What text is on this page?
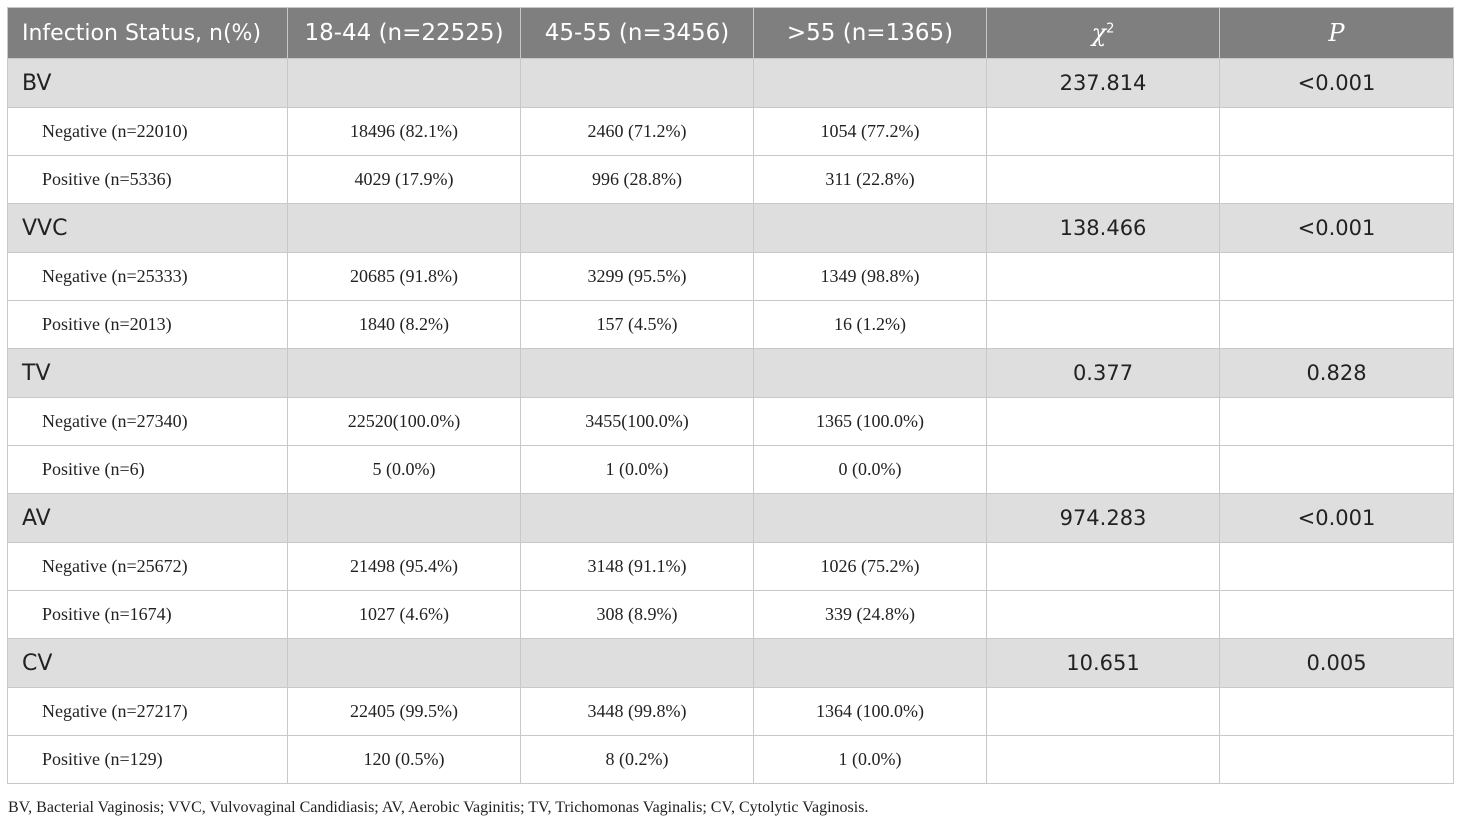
Infection Status, n(%)	18-44 (n=22525)	45-55 (n=3456)	>55 (n=1365)	$\chi^2$	P
BV				237.814	<0.001
Negative (n=22010)	18496 (82.1%)	2460 (71.2%)	1054 (77.2%)		
Positive (n=5336)	4029 (17.9%)	996 (28.8%)	311 (22.8%)		
VVC				138.466	<0.001
Negative (n=25333)	20685 (91.8%)	3299 (95.5%)	1349 (98.8%)		
Positive (n=2013)	1840 (8.2%)	157 (4.5%)	16 (1.2%)		
TV				0.377	0.828
Negative (n=27340)	22520(100.0%)	3455(100.0%)	1365 (100.0%)		
Positive (n=6)	5 (0.0%)	1 (0.0%)	0 (0.0%)		
AV				974.283	<0.001
Negative (n=25672)	21498 (95.4%)	3148 (91.1%)	1026 (75.2%)		
Positive (n=1674)	1027 (4.6%)	308 (8.9%)	339 (24.8%)		
CV				10.651	0.005
Negative (n=27217)	22405 (99.5%)	3448 (99.8%)	1364 (100.0%)		
Positive (n=129)	120 (0.5%)	8 (0.2%)	1 (0.0%)		
BV, Bacterial Vaginosis; VVC, Vulvovaginal Candidiasis; AV, Aerobic Vaginitis; TV, Trichomonas Vaginalis; CV, Cytolytic Vaginosis.
